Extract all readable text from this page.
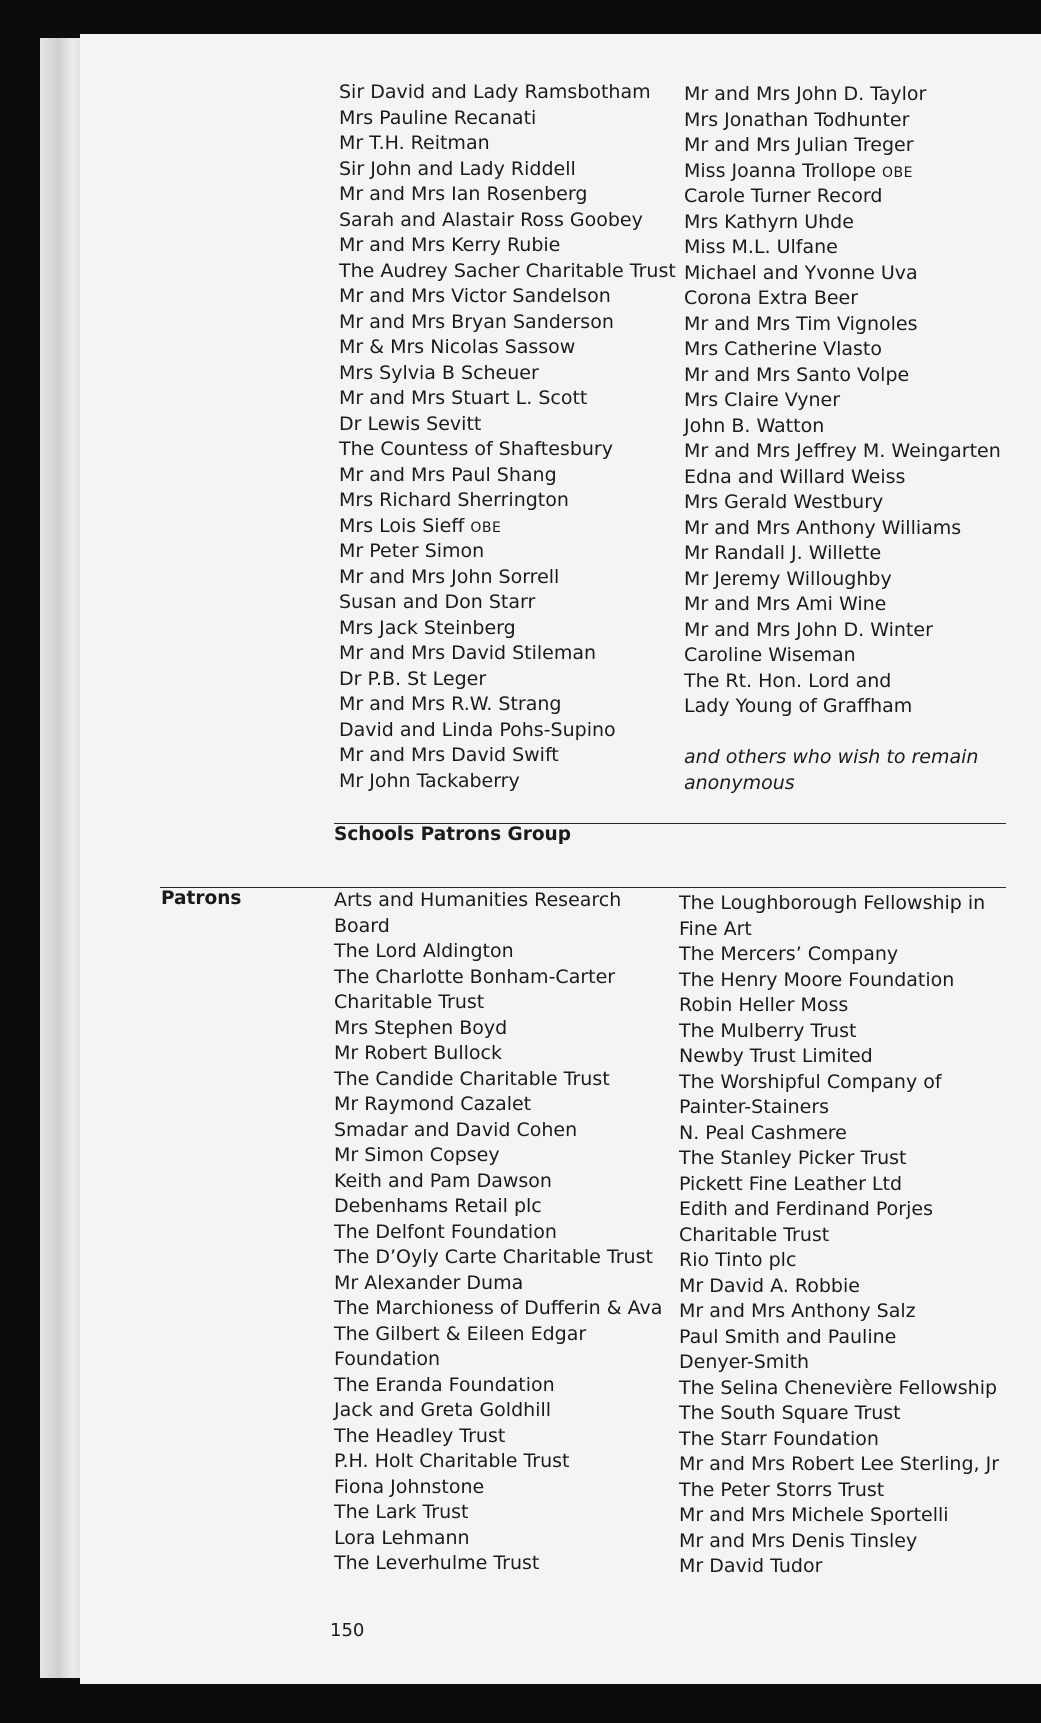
Sir David and Lady Ramsbotham
Mrs Pauline Recanati
Mr T.H. Reitman
Sir John and Lady Riddell
Mr and Mrs Ian Rosenberg
Sarah and Alastair Ross Goobey
Mr and Mrs Kerry Rubie
The Audrey Sacher Charitable Trust
Mr and Mrs Victor Sandelson
Mr and Mrs Bryan Sanderson
Mr & Mrs Nicolas Sassow
Mrs Sylvia B Scheuer
Mr and Mrs Stuart L. Scott
Dr Lewis Sevitt
The Countess of Shaftesbury
Mr and Mrs Paul Shang
Mrs Richard Sherrington
Mrs Lois Sieff OBE
Mr Peter Simon
Mr and Mrs John Sorrell
Susan and Don Starr
Mrs Jack Steinberg
Mr and Mrs David Stileman
Dr P.B. St Leger
Mr and Mrs R.W. Strang
David and Linda Pohs-Supino
Mr and Mrs David Swift
Mr John Tackaberry
Mr and Mrs John D. Taylor
Mrs Jonathan Todhunter
Mr and Mrs Julian Treger
Miss Joanna Trollope OBE
Carole Turner Record
Mrs Kathyrn Uhde
Miss M.L. Ulfane
Michael and Yvonne Uva
Corona Extra Beer
Mr and Mrs Tim Vignoles
Mrs Catherine Vlasto
Mr and Mrs Santo Volpe
Mrs Claire Vyner
John B. Watton
Mr and Mrs Jeffrey M. Weingarten
Edna and Willard Weiss
Mrs Gerald Westbury
Mr and Mrs Anthony Williams
Mr Randall J. Willette
Mr Jeremy Willoughby
Mr and Mrs Ami Wine
Mr and Mrs John D. Winter
Caroline Wiseman
The Rt. Hon. Lord and
Lady Young of Graffham
and others who wish to remain
anonymous
Schools Patrons Group
Patrons	Arts and Humanities Research
Board
The Lord Aldington
The Charlotte Bonham-Carter
Charitable Trust
Mrs Stephen Boyd
Mr Robert Bullock
The Candide Charitable Trust
Mr Raymond Cazalet
Smadar and David Cohen
Mr Simon Copsey
Keith and Pam Dawson
Debenhams Retail plc
The Delfont Foundation
The D’Oyly Carte Charitable Trust
Mr Alexander Duma
The Marchioness of Dufferin & Ava
The Gilbert & Eileen Edgar
Foundation
The Eranda Foundation
Jack and Greta Goldhill
The Headley Trust
P.H. Holt Charitable Trust
Fiona Johnstone
The Lark Trust
Lora Lehmann
The Leverhulme Trust
The Loughborough Fellowship in
Fine Art
The Mercers’ Company
The Henry Moore Foundation
Robin Heller Moss
The Mulberry Trust
Newby Trust Limited
The Worshipful Company of
Painter-Stainers
N. Peal Cashmere
The Stanley Picker Trust
Pickett Fine Leather Ltd
Edith and Ferdinand Porjes
Charitable Trust
Rio Tinto plc
Mr David A. Robbie
Mr and Mrs Anthony Salz
Paul Smith and Pauline
Denyer-Smith
The Selina Chenevière Fellowship
The South Square Trust
The Starr Foundation
Mr and Mrs Robert Lee Sterling, Jr
The Peter Storrs Trust
Mr and Mrs Michele Sportelli
Mr and Mrs Denis Tinsley
Mr David Tudor
150
